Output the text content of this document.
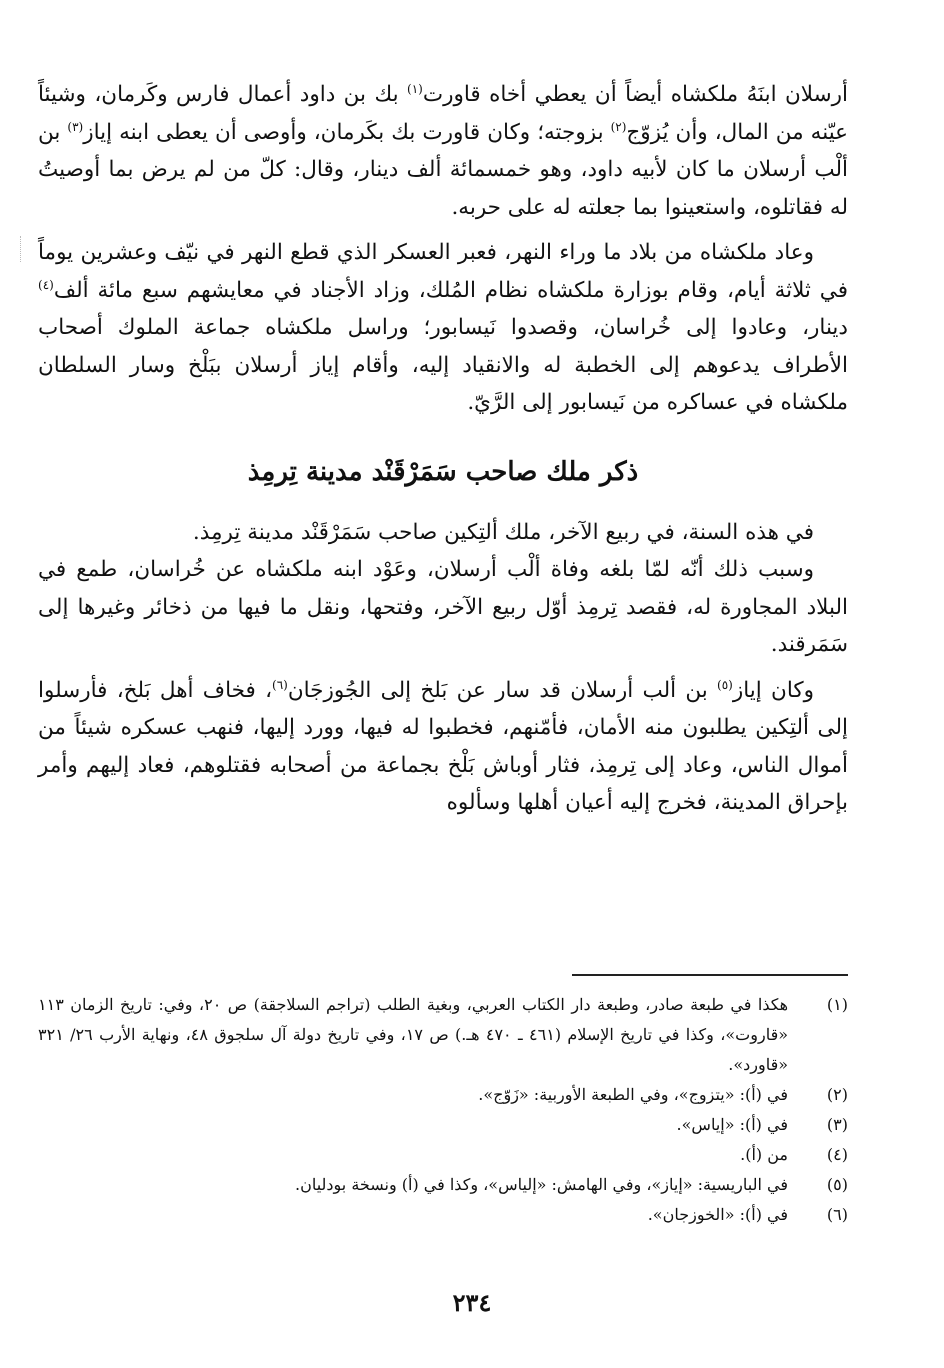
أرسلان ابنَهُ ملكشاه أيضاً أن يعطي أخاه قاورت$^{(١)}$ بك بن داود أعمال فارس وكَرمان، وشيئاً عيّنه من المال، وأن يُزوّج$^{(٢)}$ بزوجته؛ وكان قاورت بك بكَرمان، وأوصى أن يعطى ابنه إياز$^{(٣)}$ بن ألْب أرسلان ما كان لأبيه داود، وهو خمسمائة ألف دينار، وقال: كلّ من لم يرض بما أوصيتُ له فقاتلوه، واستعينوا بما جعلته له على حربه.

وعاد ملكشاه من بلاد ما وراء النهر، فعبر العسكر الذي قطع النهر في نيّف وعشرين يوماً في ثلاثة أيام، وقام بوزارة ملكشاه نظام المُلك، وزاد الأجناد في معايشهم سبع مائة ألف$^{(٤)}$ دينار، وعادوا إلى خُراسان، وقصدوا نَيسابور؛ وراسل ملكشاه جماعة الملوك أصحاب الأطراف يدعوهم إلى الخطبة له والانقياد إليه، وأقام إياز أرسلان ببَلْخ وسار السلطان ملكشاه في عساكره من نَيسابور إلى الرَّيّ.

ذكر ملك صاحب سَمَرْقَنْد مدينة تِرمِذ

في هذه السنة، في ربيع الآخر، ملك ألتِكين صاحب سَمَرْقَنْد مدينة تِرمِذ.

وسبب ذلك أنّه لمّا بلغه وفاة ألْب أرسلان، وعَوْد ابنه ملكشاه عن خُراسان، طمع في البلاد المجاورة له، فقصد تِرمِذ أوّل ربيع الآخر، وفتحها، ونقل ما فيها من ذخائر وغيرها إلى سَمَرقند.

وكان إياز$^{(٥)}$ بن ألب أرسلان قد سار عن بَلخ إلى الجُوزجَان$^{(٦)}$، فخاف أهل بَلخ، فأرسلوا إلى ألتِكين يطلبون منه الأمان، فأمّنهم، فخطبوا له فيها، وورد إليها، فنهب عسكره شيئاً من أموال الناس، وعاد إلى تِرمِذ، فثار أوباش بَلْخ بجماعة من أصحابه فقتلوهم، فعاد إليهم وأمر بإحراق المدينة، فخرج إليه أعيان أهلها وسألوه

(١)
هكذا في طبعة صادر، وطبعة دار الكتاب العربي، وبغية الطلب (تراجم السلاجقة) ص ٢٠، وفي: تاريخ الزمان ١١٣ «قاروت»، وكذا في تاريخ الإسلام (٤٦١ ـ ٤٧٠ هـ.) ص ١٧، وفي تاريخ دولة آل سلجوق ٤٨، ونهاية الأرب ٢٦/ ٣٢١ «قاورد».
(٢)
في (أ): «يتزوج»، وفي الطبعة الأوربية: «زَوّج».
(٣)
في (أ): «إياس».
(٤)
من (أ).
(٥)
في الباريسية: «إياز»، وفي الهامش: «إلياس»، وكذا في (أ) ونسخة بودليان.
(٦)
في (أ): «الخوزجان».
٢٣٤
